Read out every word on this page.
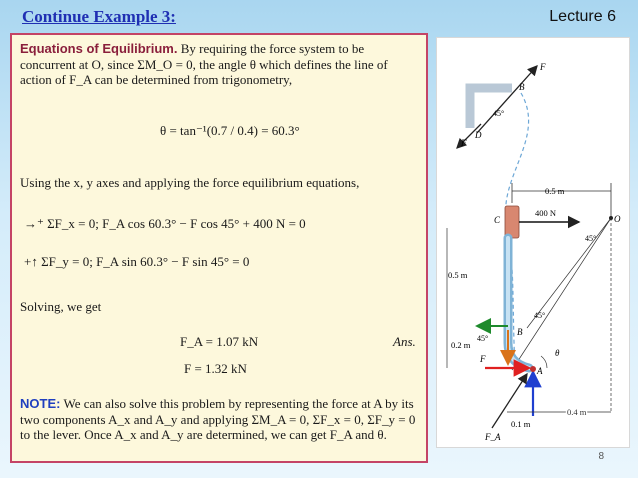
Continue Example 3:	Lecture 6
Equations of Equilibrium. By requiring the force system to be concurrent at O, since ΣM_O = 0, the angle θ which defines the line of action of F_A can be determined from trigonometry,
θ = tan⁻¹(0.7 / 0.4) = 60.3°
Using the x, y axes and applying the force equilibrium equations,
→⁺ ΣF_x = 0; F_A cos 60.3° − F cos 45° + 400 N = 0
+↑ ΣF_y = 0; F_A sin 60.3° − F sin 45° = 0
Solving, we get
F_A = 1.07 kN	Ans.
F = 1.32 kN
NOTE: We can also solve this problem by representing the force at A by its two components A_x and A_y and applying ΣM_A = 0, ΣF_x = 0, ΣF_y = 0 to the lever. Once A_x and A_y are determined, we can get F_A and θ.
F
B
45°
D
F
0.5 m
O
45°
400 N
C
0.5 m
0.2 m
45°
B
45°
F
θ
A
0.4 m
0.1 m
F_A
8
